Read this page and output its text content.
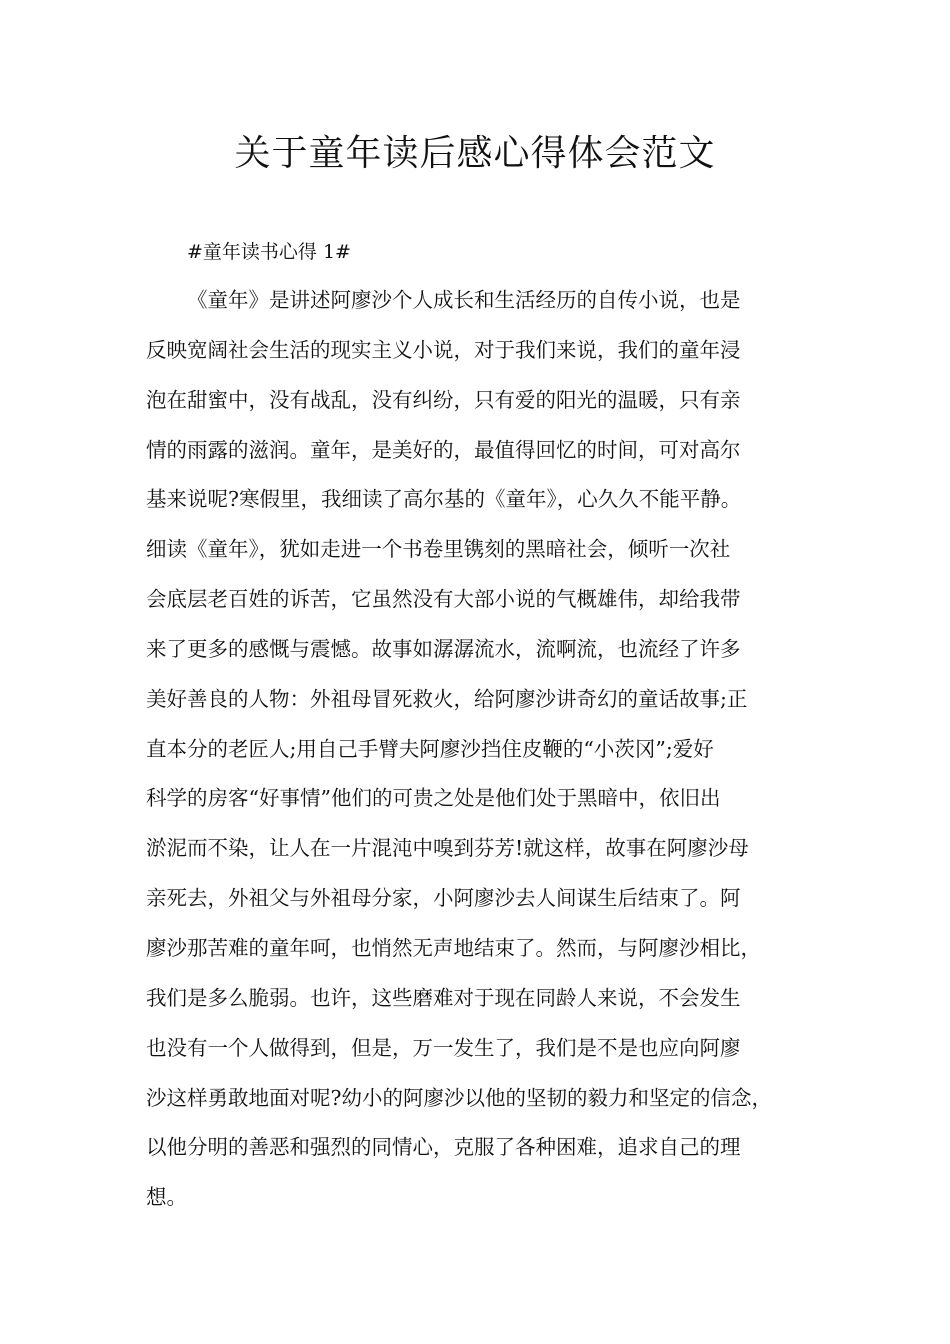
关于童年读后感心得体会范文

#童年读书心得 1#

《童年》是讲述阿廖沙个人成长和生活经历的自传小说，也是
反映宽阔社会生活的现实主义小说，对于我们来说，我们的童年浸
泡在甜蜜中，没有战乱，没有纠纷，只有爱的阳光的温暖，只有亲
情的雨露的滋润。童年，是美好的，最值得回忆的时间，可对高尔
基来说呢?寒假里，我细读了高尔基的《童年》，心久久不能平静。
细读《童年》，犹如走进一个书卷里镌刻的黑暗社会，倾听一次社
会底层老百姓的诉苦，它虽然没有大部小说的气概雄伟，却给我带
来了更多的感慨与震憾。故事如潺潺流水，流啊流，也流经了许多
美好善良的人物：外祖母冒死救火，给阿廖沙讲奇幻的童话故事;正
直本分的老匠人;用自己手臂夫阿廖沙挡住皮鞭的“小茨冈”;爱好
科学的房客“好事情”他们的可贵之处是他们处于黑暗中，依旧出
淤泥而不染，让人在一片混沌中嗅到芬芳!就这样，故事在阿廖沙母
亲死去，外祖父与外祖母分家，小阿廖沙去人间谋生后结束了。阿
廖沙那苦难的童年呵，也悄然无声地结束了。然而，与阿廖沙相比，
我们是多么脆弱。也许，这些磨难对于现在同龄人来说，不会发生
也没有一个人做得到，但是，万一发生了，我们是不是也应向阿廖
沙这样勇敢地面对呢?幼小的阿廖沙以他的坚韧的毅力和坚定的信念，
以他分明的善恶和强烈的同情心，克服了各种困难，追求自己的理
想。
